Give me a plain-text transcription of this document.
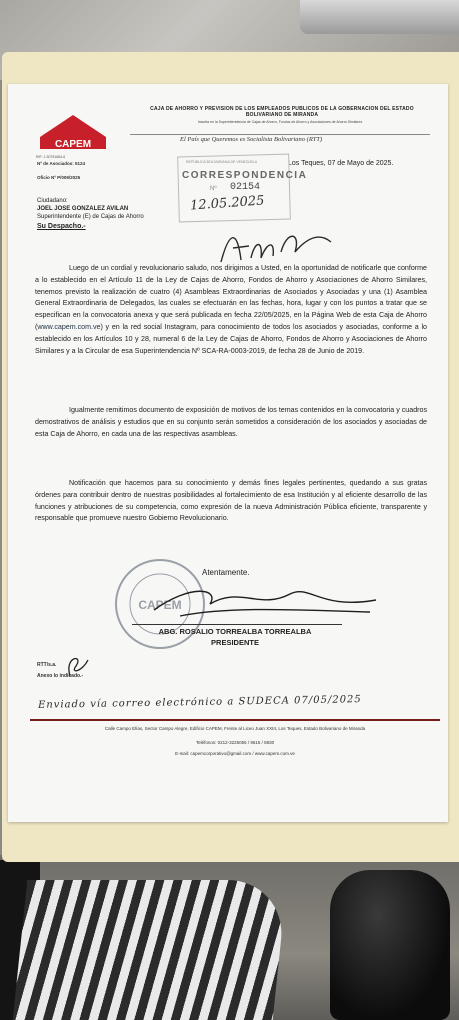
CAPEM
RIF: J-30751684-6
CAJA DE AHORRO Y PREVISION DE LOS EMPLEADOS PUBLICOS DE LA GOBERNACION DEL ESTADO BOLIVARIANO DE MIRANDA
Inscrita en la Superintendencia de Cajas de Ahorro, Fondos de Ahorro y Asociaciones de Ahorro Similares
El País que Queremos es Socialista Bolivariano (RTT)
Nº de Asociados: 5124
Oficio Nº P/009/2025
Los Teques, 07 de Mayo de 2025.
REPÚBLICA BOLIVARIANA DE VENEZUELA
CORRESPONDENCIA
Nº 02154
12.05.2025
Ciudadano:
JOEL JOSE GONZALEZ AVILAN
Superintendente (E) de Cajas de Ahorro
Su Despacho.-
Luego de un cordial y revolucionario saludo, nos dirigimos a Usted, en la oportunidad de notificarle que conforme a lo establecido en el Artículo 11 de la Ley de Cajas de Ahorro, Fondos de Ahorro y Asociaciones de Ahorro Similares, tenemos previsto la realización de cuatro (4) Asambleas Extraordinarias de Asociados y Asociadas y una (1) Asamblea General Extraordinaria de Delegados, las cuales se efectuarán en las fechas, hora, lugar y con los puntos a tratar que se especifican en la convocatoria anexa y que será publicada en fecha 22/05/2025, en la Página Web de esta Caja de Ahorro (www.capem.com.ve) y en la red social Instagram, para conocimiento de todos los asociados y asociadas, conforme a lo establecido en los Artículos 10 y 28, numeral 6 de la Ley de Cajas de Ahorro, Fondos de Ahorro y Asociaciones de Ahorro Similares y a la Circular de esa Superintendencia Nº SCA-RA-0003-2019, de fecha 28 de Junio de 2019.
Igualmente remitimos documento de exposición de motivos de los temas contenidos en la convocatoria y cuadros demostrativos de análisis y estudios que en su conjunto serán sometidos a consideración de los asociados y asociadas de esta Caja de Ahorro, en cada una de las respectivas asambleas.
Notificación que hacemos para su conocimiento y demás fines legales pertinentes, quedando a sus gratas órdenes para contribuir dentro de nuestras posibilidades al fortalecimiento de esa Institución y al eficiente desarrollo de las funciones y atribuciones de su competencia, como expresión de la nueva Administración Pública eficiente, transparente y responsable que promueve nuestro Gobierno Revolucionario.
CAPEM
Atentamente.
ABG. ROSALIO TORREALBA TORREALBA
PRESIDENTE
RTT/s.a.
Anexo lo indicado.-
Enviado vía correo electrónico a SUDECA 07/05/2025
Calle Campo Elías, Sector Campo Alegre, Edificio CAPEM, Frente al Liceo Juan XXIII, Los Teques, Estado Bolivariano de Miranda
Teléfonos: 0212-3225055 / 9615 / 8830
E-mail: capemcorporativo@gmail.com / www.capem.com.ve
